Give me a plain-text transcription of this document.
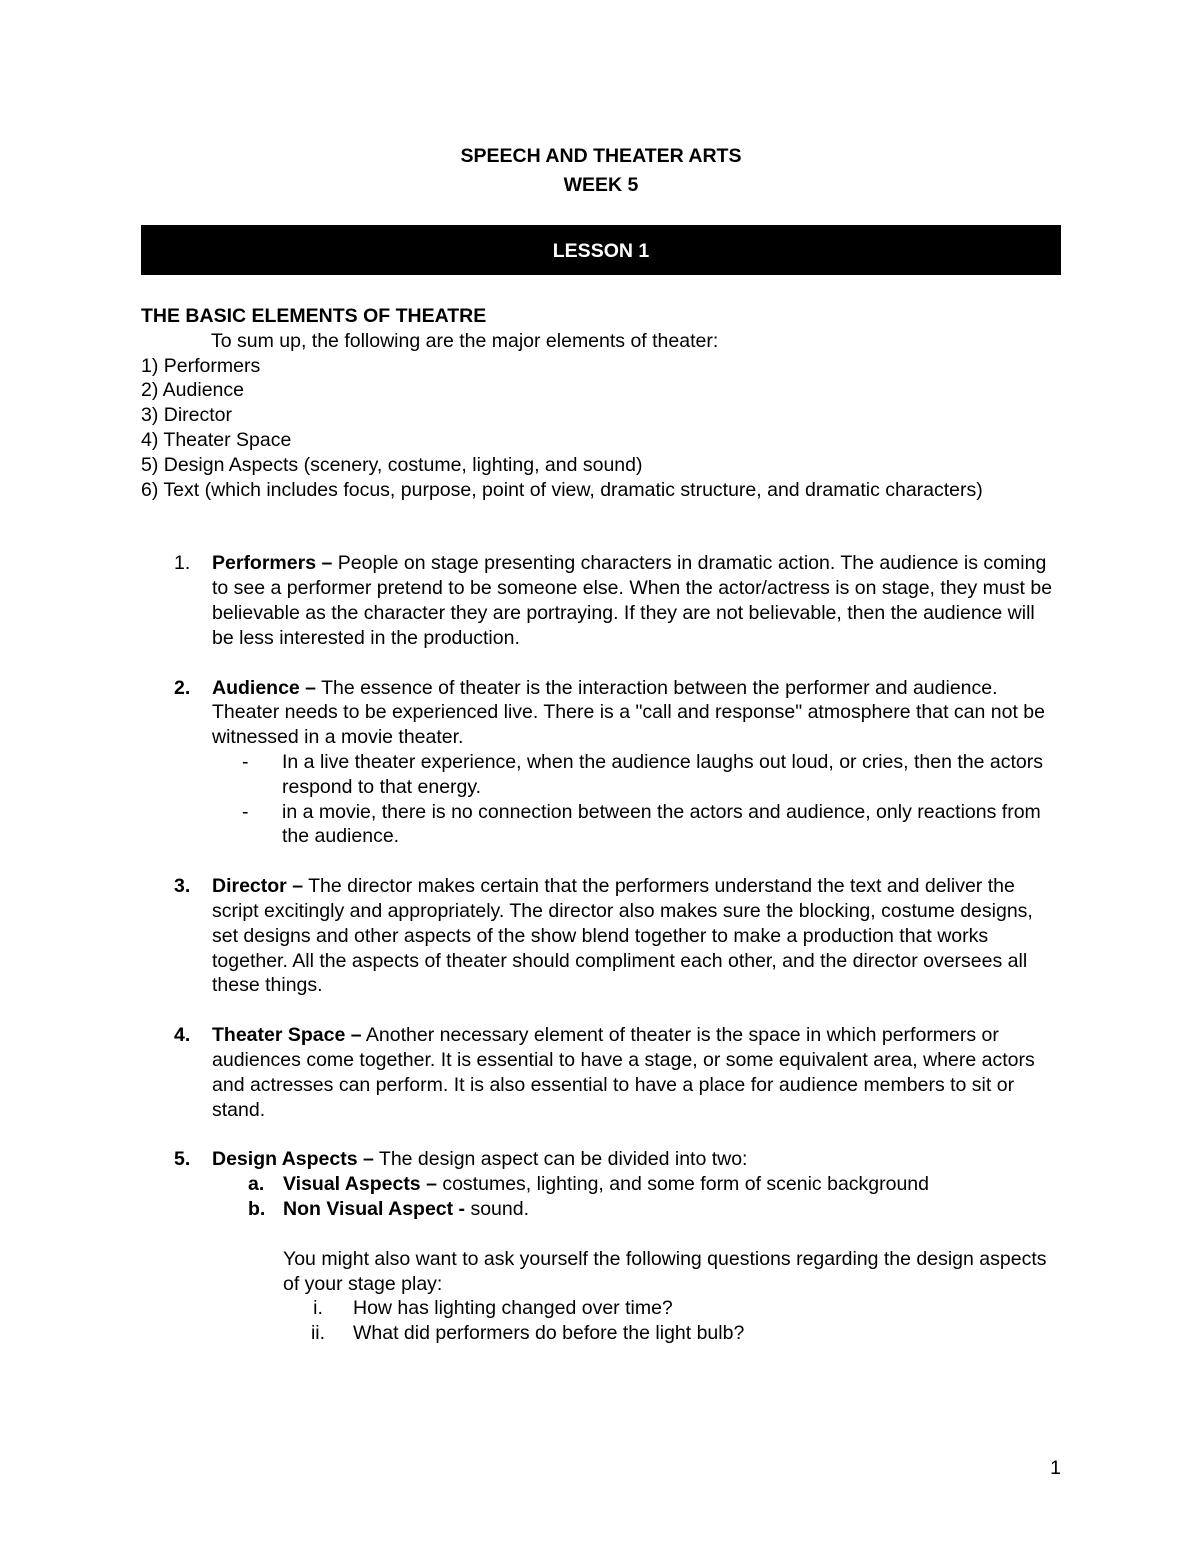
SPEECH AND THEATER ARTS
WEEK 5
LESSON 1
THE BASIC ELEMENTS OF THEATRE
To sum up, the following are the major elements of theater:
1) Performers
2) Audience
3) Director
4) Theater Space
5) Design Aspects (scenery, costume, lighting, and sound)
6) Text (which includes focus, purpose, point of view, dramatic structure, and dramatic characters)
1.	Performers – People on stage presenting characters in dramatic action. The audience is coming to see a performer pretend to be someone else. When the actor/actress is on stage, they must be believable as the character they are portraying. If they are not believable, then the audience will be less interested in the production.
2.	Audience – The essence of theater is the interaction between the performer and audience. Theater needs to be experienced live. There is a "call and response" atmosphere that can not be witnessed in a movie theater.
-	In a live theater experience, when the audience laughs out loud, or cries, then the actors respond to that energy.
-	in a movie, there is no connection between the actors and audience, only reactions from the audience.
3.	Director – The director makes certain that the performers understand the text and deliver the script excitingly and appropriately. The director also makes sure the blocking, costume designs, set designs and other aspects of the show blend together to make a production that works together. All the aspects of theater should compliment each other, and the director oversees all these things.
4.	Theater Space – Another necessary element of theater is the space in which performers or audiences come together. It is essential to have a stage, or some equivalent area, where actors and actresses can perform. It is also essential to have a place for audience members to sit or stand.
5.	Design Aspects – The design aspect can be divided into two:
a. Visual Aspects – costumes, lighting, and some form of scenic background
b. Non Visual Aspect - sound.
You might also want to ask yourself the following questions regarding the design aspects of your stage play:
i.	How has lighting changed over time?
ii.	What did performers do before the light bulb?
1
